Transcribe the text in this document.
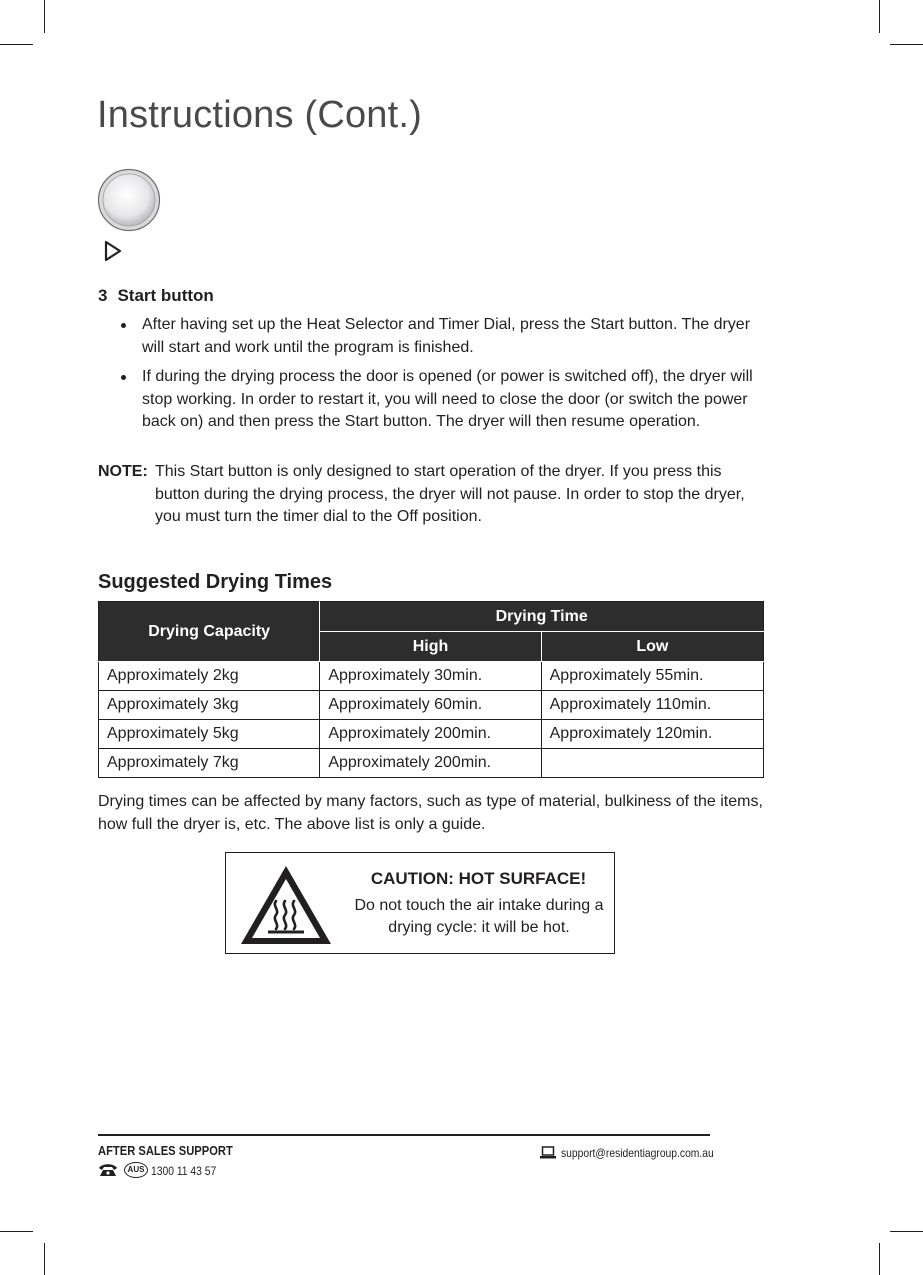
Instructions (Cont.)
3 Start button
After having set up the Heat Selector and Timer Dial, press the Start button. The dryer will start and work until the program is finished.
If during the drying process the door is opened (or power is switched off), the dryer will stop working. In order to restart it, you will need to close the door (or switch the power back on) and then press the Start button. The dryer will then resume operation.
NOTE: This Start button is only designed to start operation of the dryer. If you press this button during the drying process, the dryer will not pause. In order to stop the dryer, you must turn the timer dial to the Off position.
Suggested Drying Times
Drying Capacity	Drying Time	
	High	Low
Approximately 2kg	Approximately 30min.	Approximately 55min.
Approximately 3kg	Approximately 60min.	Approximately 110min.
Approximately 5kg	Approximately 200min.	Approximately 120min.
Approximately 7kg	Approximately 200min.	

Drying times can be affected by many factors, such as type of material, bulkiness of the items, how full the dryer is, etc. The above list is only a guide.

CAUTION: HOT SURFACE!
Do not touch the air intake during a drying cycle: it will be hot.
AFTER SALES SUPPORT
AUS 1300 11 43 57
support@residentiagroup.com.au
